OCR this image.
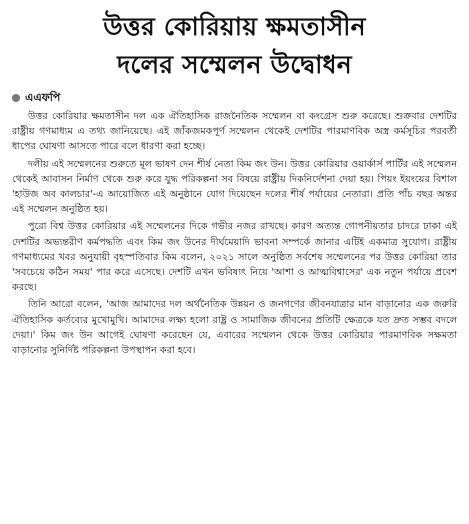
উত্তর কোরিয়ায় ক্ষমতাসীন
দলের সম্মেলন উদ্বোধন
এএফপি

উত্তর কোরিয়ার ক্ষমতাসীন দল এক ঐতিহাসিক রাজনৈতিক সম্মেলন বা কংগ্রেস শুরু করেছে। শুক্রবার দেশটির রাষ্ট্রীয় গণমাধ্যম এ তথ্য জানিয়েছে। এই জাঁকজমকপূর্ণ সম্মেলন থেকেই দেশটির পারমাণবিক অস্ত্র কর্মসূচির পরবর্তী ধাপের ঘোষণা আসতে পারে বলে ধারণা করা হচ্ছে।

দলীয় এই সম্মেলনের শুরুতে মূল ভাষণ দেন শীর্ষ নেতা কিম জং উন। উত্তর কোরিয়ার ওয়ার্কার্স পার্টির এই সম্মেলন থেকেই আবাসন নির্মাণ থেকে শুরু করে যুদ্ধ পরিকল্পনা সব বিষয়ে রাষ্ট্রীয় দিকনির্দেশনা দেয়া হয়। পিয়ং ইয়ংয়ের বিশাল 'হাউজ অব কালচার'-এ আয়োজিত এই অনুষ্ঠানে যোগ দিয়েছেন দলের শীর্ষ পর্যায়ের নেতারা। প্রতি পাঁচ বছর অন্তর এই সম্মেলন অনুষ্ঠিত হয়।

পুরো বিশ্ব উত্তর কোরিয়ার এই সম্মেলনের দিকে গভীর নজর রাখছে। কারণ অত্যন্ত গোপনীয়তার চাদরে ঢাকা এই দেশটির অভ্যন্তরীণ কর্মপদ্ধতি এবং কিম জং উনের দীর্ঘমেয়াদি ভাবনা সম্পর্কে জানার এটিই একমাত্র সুযোগ। রাষ্ট্রীয় গণমাধ্যমের খবর অনুযায়ী বৃহস্পতিবার কিম বলেন, ২০২১ সালে অনুষ্ঠিত সর্বশেষ সম্মেলনের পর উত্তর কোরিয়া তার 'সবচেয়ে কঠিন সময়' পার করে এসেছে। দেশটি এখন ভবিষ্যৎ নিয়ে 'আশা ও আত্মবিশ্বাসের' এক নতুন পর্যায়ে প্রবেশ করছে।

তিনি আরো বলেন, 'আজ আমাদের দল অর্থনৈতিক উন্নয়ন ও জনগণের জীবনযাত্রার মান বাড়ানোর এক জরুরি ঐতিহাসিক কর্তব্যের মুখোমুখি। আমাদের লক্ষ্য হলো রাষ্ট্র ও সামাজিক জীবনের প্রতিটি ক্ষেত্রকে যত দ্রুত সম্ভব বদলে দেয়া।' কিম জং উন আগেই ঘোষণা করেছেন যে, এবারের সম্মেলন থেকে উত্তর কোরিয়ার পারমাণবিক সক্ষমতা বাড়ানোর সুনির্দিষ্ট পরিকল্পনা উপস্থাপন করা হবে।
